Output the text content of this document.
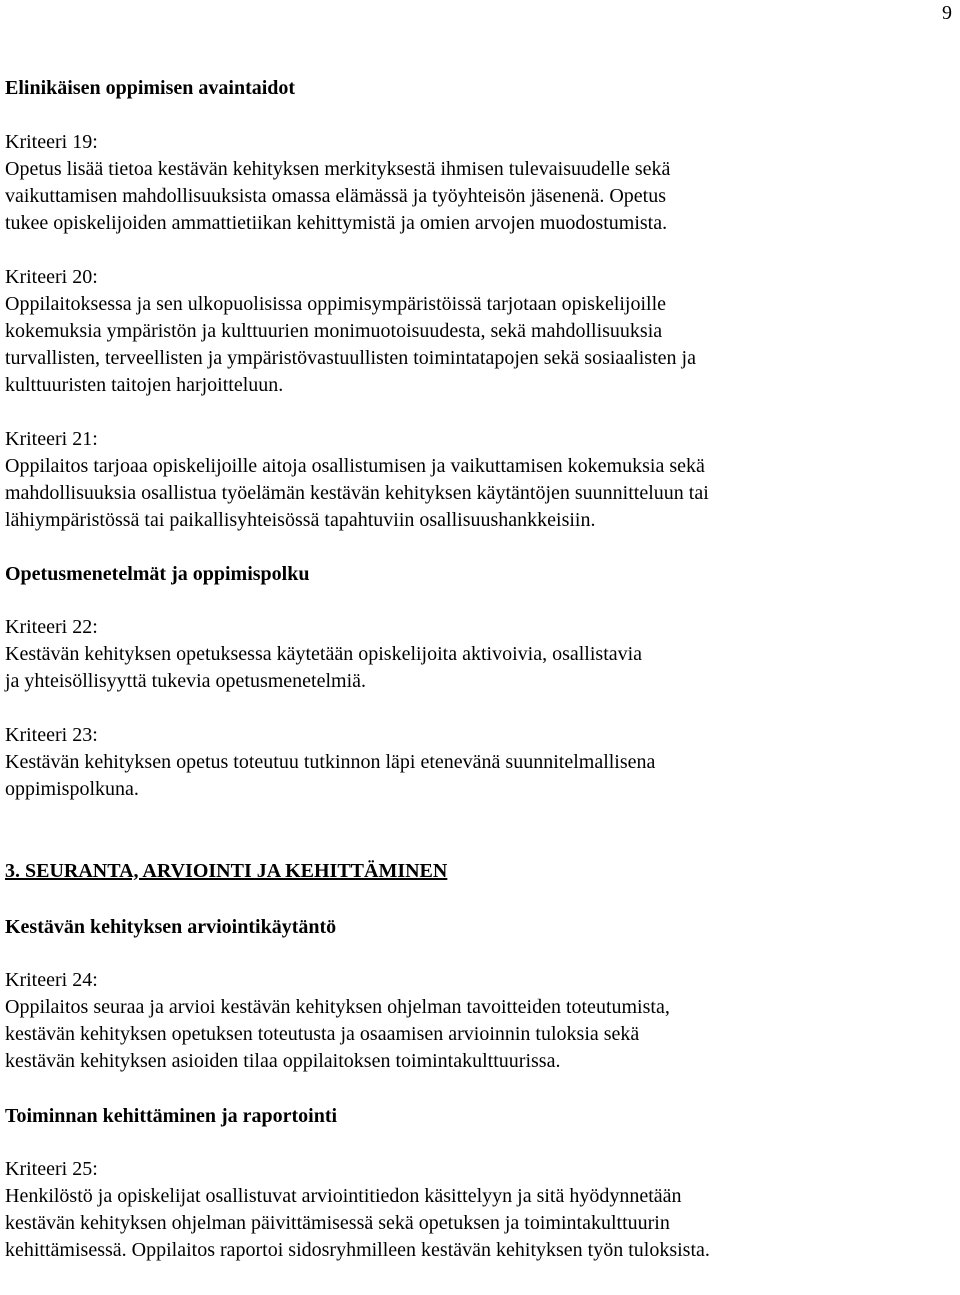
9

Elinikäisen oppimisen avaintaidot

Kriteeri 19:

Opetus lisää tietoa kestävän kehityksen merkityksestä ihmisen tulevaisuudelle sekä

vaikuttamisen mahdollisuuksista omassa elämässä ja työyhteisön jäsenenä. Opetus

tukee opiskelijoiden ammattietiikan kehittymistä ja omien arvojen muodostumista.

Kriteeri 20:

Oppilaitoksessa ja sen ulkopuolisissa oppimisympäristöissä tarjotaan opiskelijoille

kokemuksia ympäristön ja kulttuurien monimuotoisuudesta, sekä mahdollisuuksia

turvallisten, terveellisten ja ympäristövastuullisten toimintatapojen sekä sosiaalisten ja

kulttuuristen taitojen harjoitteluun.

Kriteeri 21:

Oppilaitos tarjoaa opiskelijoille aitoja osallistumisen ja vaikuttamisen kokemuksia sekä

mahdollisuuksia osallistua työelämän kestävän kehityksen käytäntöjen suunnitteluun tai

lähiympäristössä tai paikallisyhteisössä tapahtuviin osallisuushankkeisiin.

Opetusmenetelmät ja oppimispolku

Kriteeri 22:

Kestävän kehityksen opetuksessa käytetään opiskelijoita aktivoivia, osallistavia

ja yhteisöllisyyttä tukevia opetusmenetelmiä.

Kriteeri 23:

Kestävän kehityksen opetus toteutuu tutkinnon läpi etenevänä suunnitelmallisena

oppimispolkuna.

3. SEURANTA, ARVIOINTI JA KEHITTÄMINEN

Kestävän kehityksen arviointikäytäntö

Kriteeri 24:

Oppilaitos seuraa ja arvioi kestävän kehityksen ohjelman tavoitteiden toteutumista,

kestävän kehityksen opetuksen toteutusta ja osaamisen arvioinnin tuloksia sekä

kestävän kehityksen asioiden tilaa oppilaitoksen toimintakulttuurissa.

Toiminnan kehittäminen ja raportointi

Kriteeri 25:

Henkilöstö ja opiskelijat osallistuvat arviointitiedon käsittelyyn ja sitä hyödynnetään

kestävän kehityksen ohjelman päivittämisessä sekä opetuksen ja toimintakulttuurin

kehittämisessä. Oppilaitos raportoi sidosryhmilleen kestävän kehityksen työn tuloksista.
